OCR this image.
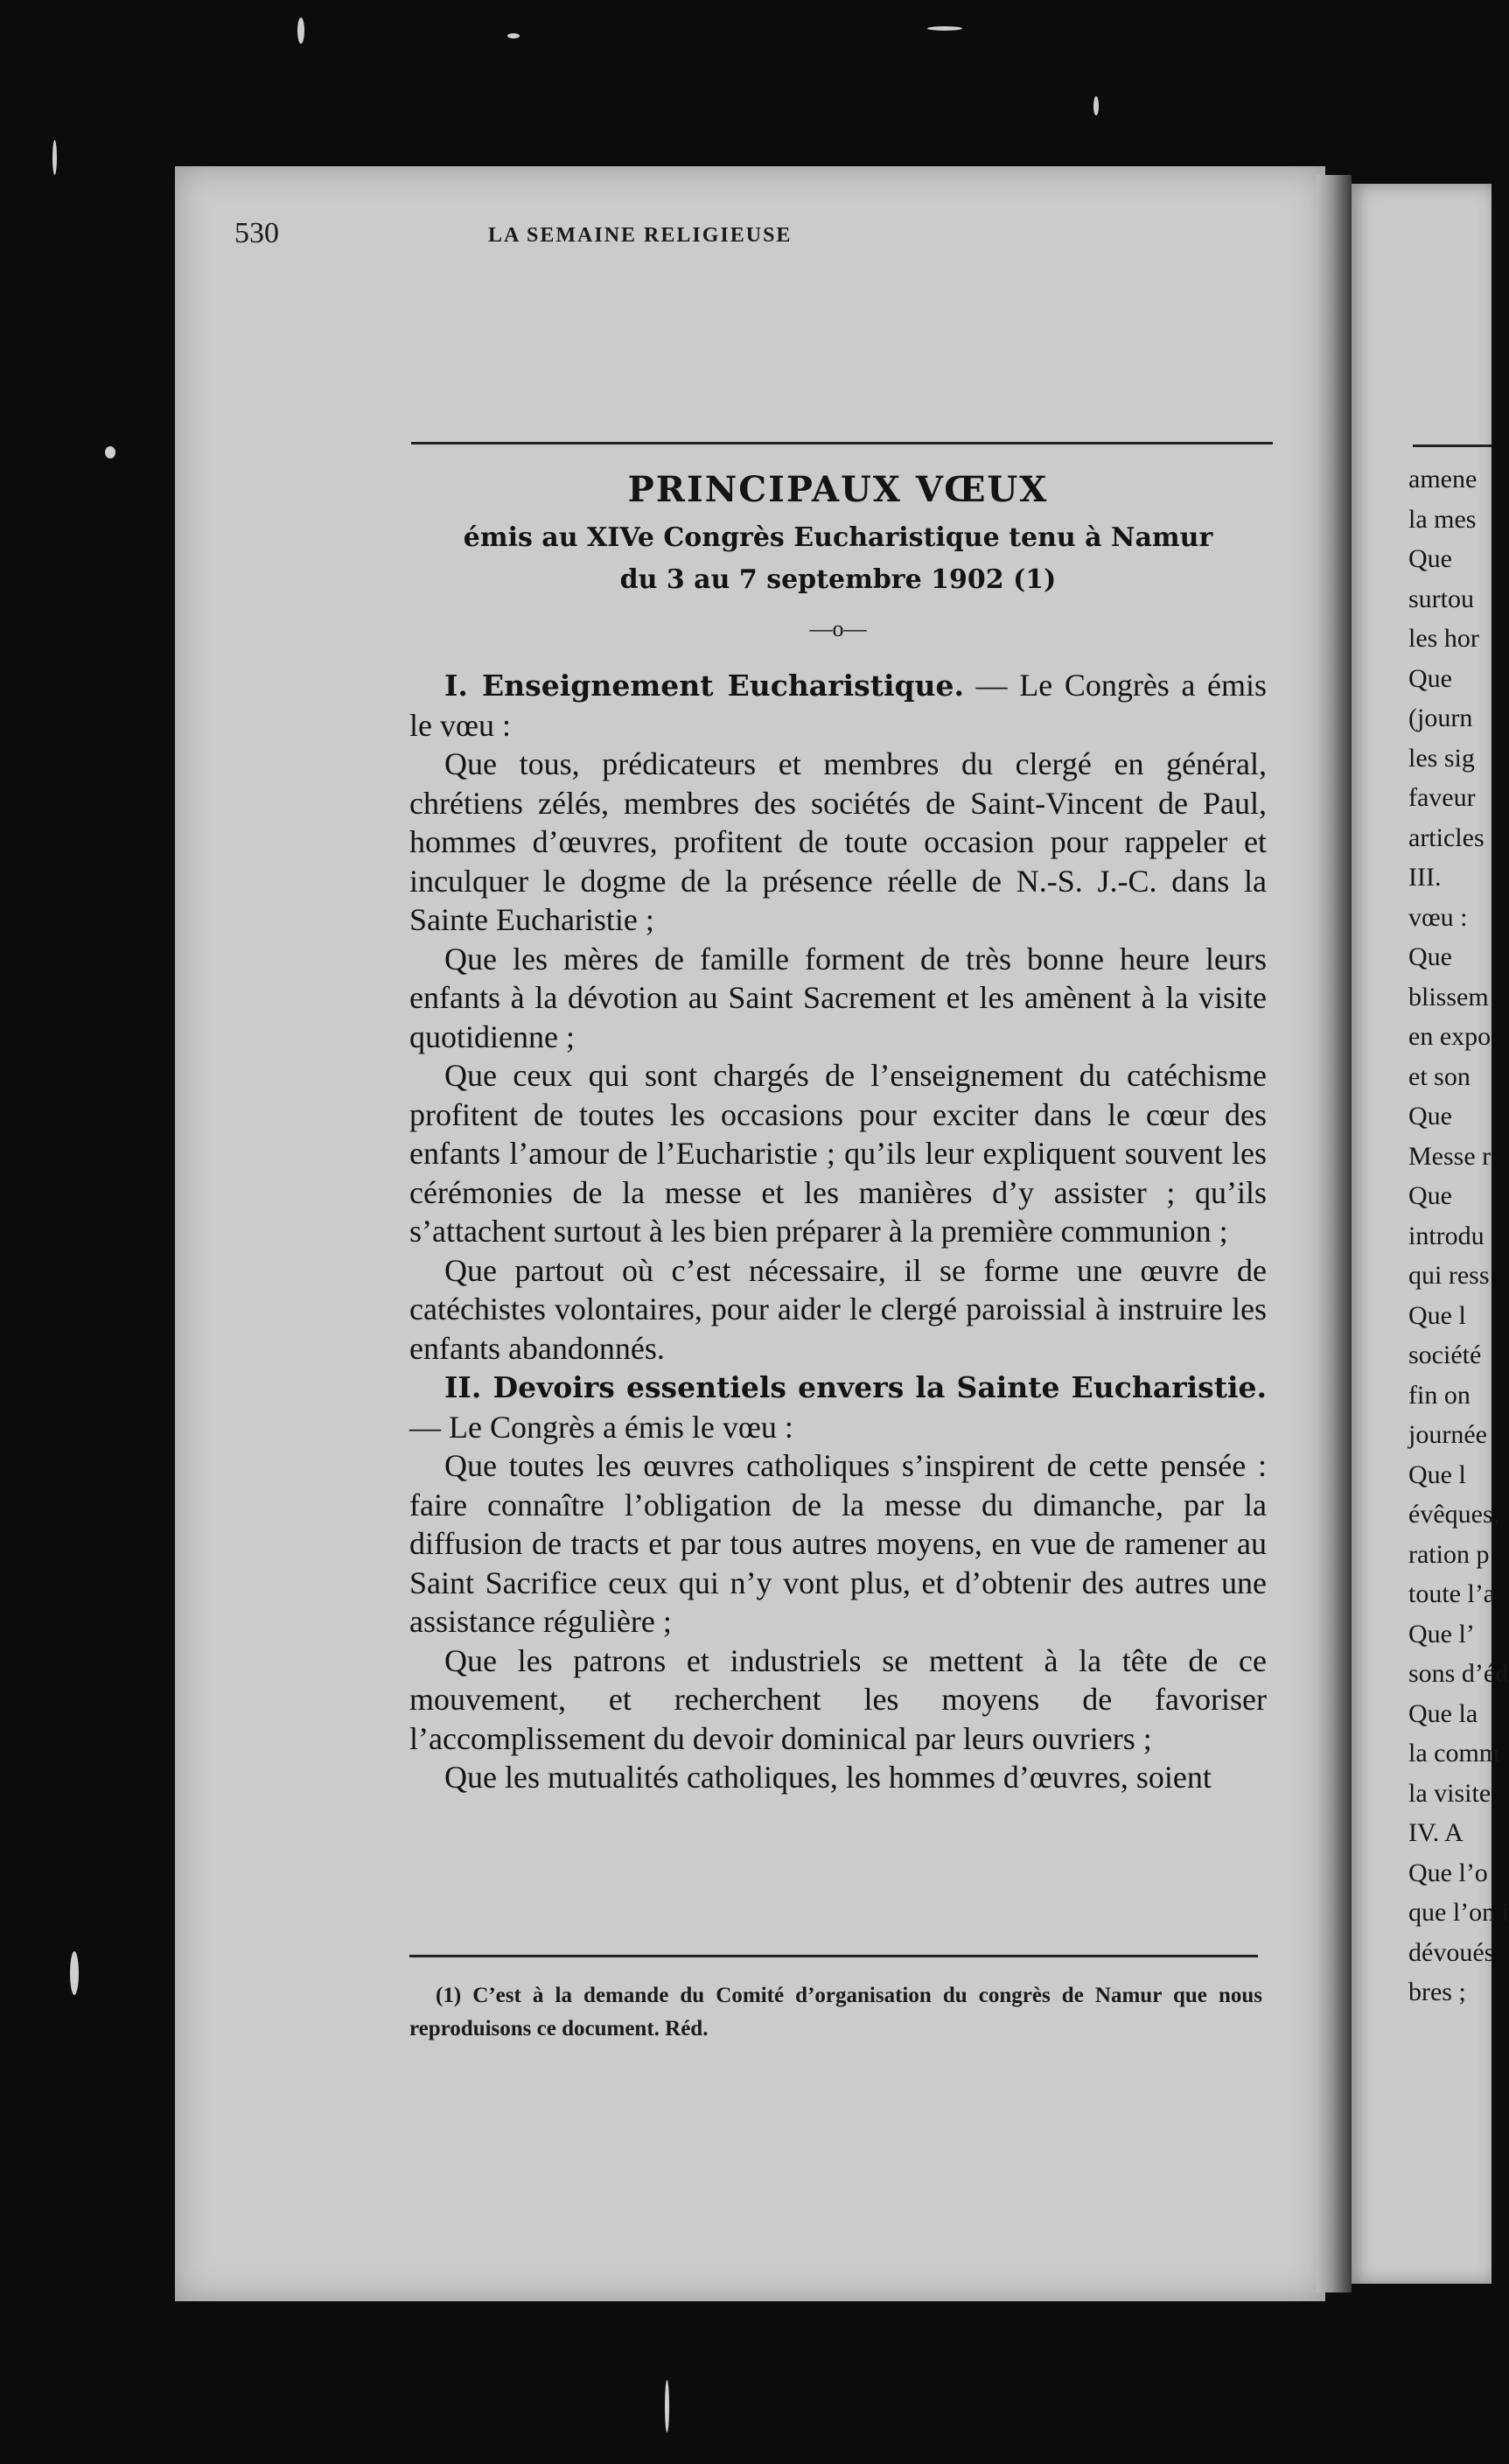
530	LA SEMAINE RELIGIEUSE
PRINCIPAUX VŒUX
émis au XIVe Congrès Eucharistique tenu à Namur
du 3 au 7 septembre 1902 (1)
—o—

I. Enseignement Eucharistique. — Le Congrès a émis le vœu :

Que tous, prédicateurs et membres du clergé en général, chrétiens zélés, membres des sociétés de Saint-Vincent de Paul, hommes d’œuvres, profitent de toute occasion pour rappeler et inculquer le dogme de la présence réelle de N.-S. J.-C. dans la Sainte Eucharistie ;

Que les mères de famille forment de très bonne heure leurs enfants à la dévotion au Saint Sacrement et les amènent à la visite quotidienne ;

Que ceux qui sont chargés de l’enseignement du catéchisme profitent de toutes les occasions pour exciter dans le cœur des enfants l’amour de l’Eucharistie ; qu’ils leur expliquent souvent les cérémonies de la messe et les manières d’y assister ; qu’ils s’attachent surtout à les bien préparer à la première communion ;

Que partout où c’est nécessaire, il se forme une œuvre de catéchistes volontaires, pour aider le clergé paroissial à instruire les enfants abandonnés.

II. Devoirs essentiels envers la Sainte Eucharistie. — Le Congrès a émis le vœu :

Que toutes les œuvres catholiques s’inspirent de cette pensée : faire connaître l’obligation de la messe du dimanche, par la diffusion de tracts et par tous autres moyens, en vue de ramener au Saint Sacrifice ceux qui n’y vont plus, et d’obtenir des autres une assistance régulière ;

Que les patrons et industriels se mettent à la tête de ce mouvement, et recherchent les moyens de favoriser l’accomplissement du devoir dominical par leurs ouvriers ;

Que les mutualités catholiques, les hommes d’œuvres, soient

(1) C’est à la demande du Comité d’organisation du congrès de Namur que nous reproduisons ce document. Réd.
amene
la mes
Que
surtou
les hor
Que
(journ
les sig
faveur
articles
III.
vœu :
Que
blissem
en expo
et son
Que
Messe r
Que
introdu
qui ress
Que l
société
fin on
journée
Que l
évêques,
ration p
toute l’a
Que l’
sons d’éd
Que la
la comm
la visite
IV. A
Que l’o
que l’on i
dévoués
bres ;
